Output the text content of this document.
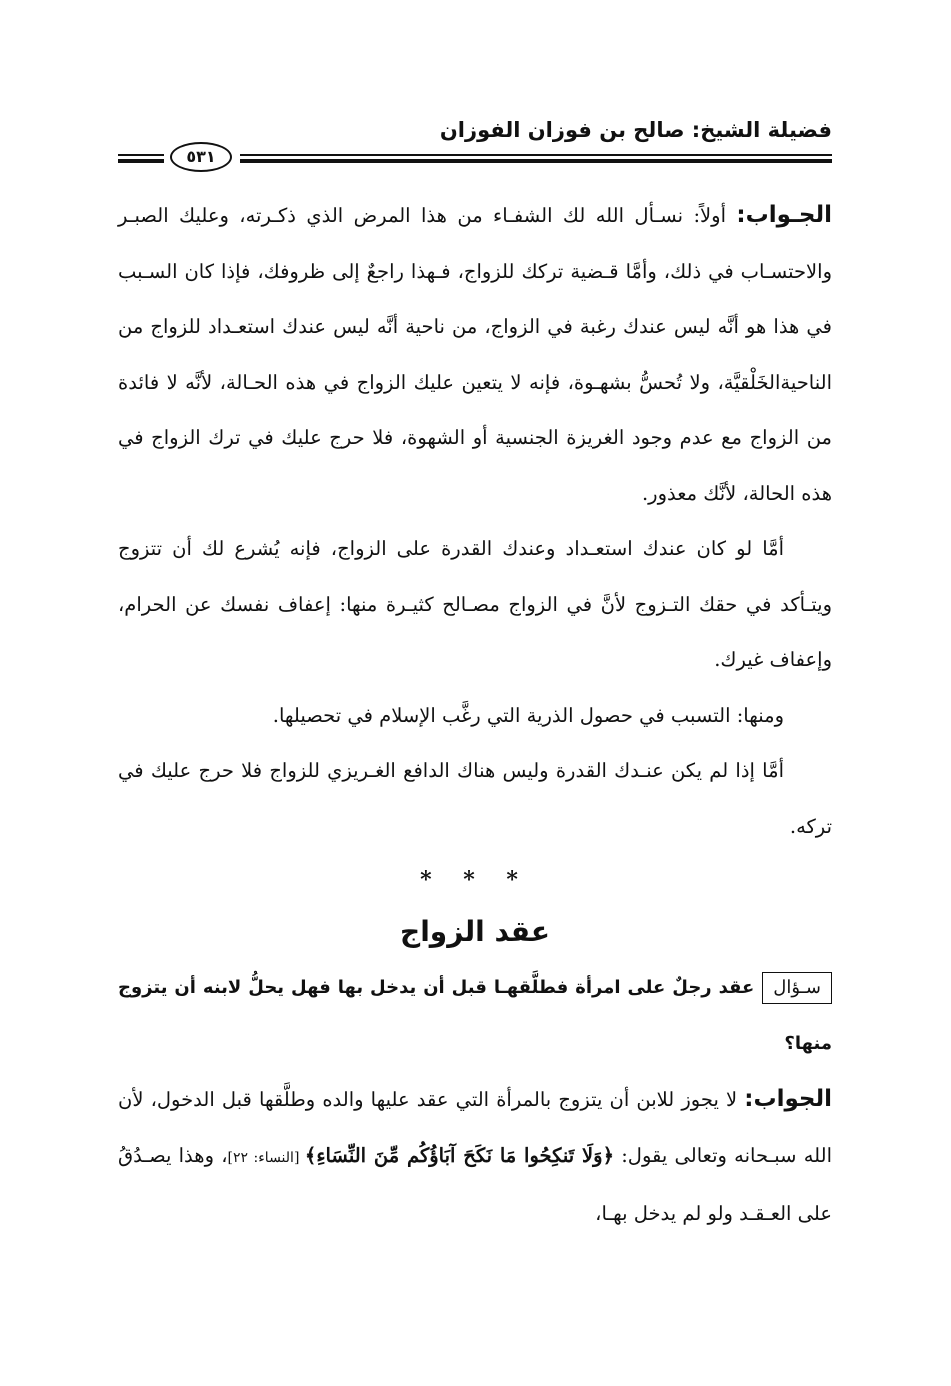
فضيلة الشيخ: صالح بن فوزان الفوزان
٥٣١

الجـواب: أولاً: نسـأل الله لك الشفـاء من هذا المرض الذي ذكـرته، وعليك الصبـر والاحتسـاب في ذلك، وأمَّا قـضية تركك للزواج، فـهذا راجعٌ إلى ظروفك، فإذا كان السـبب في هذا هو أنَّه ليس عندك رغبة في الزواج، من ناحية أنَّه ليس عندك استعـداد للزواج من الناحيةالخَلْقيَّة، ولا تُحسُّ بشهـوة، فإنه لا يتعين عليك الزواج في هذه الحـالة، لأنَّه لا فائدة من الزواج مع عدم وجود الغريزة الجنسية أو الشهوة، فلا حرج عليك في ترك الزواج في هذه الحالة، لأنَّك معذور.

أمَّا لو كان عندك استعـداد وعندك القدرة على الزواج، فإنه يُشرع لك أن تتزوج ويتـأكد في حقك التـزوج لأنَّ في الزواج مصـالح كثيـرة منها: إعفاف نفسك عن الحرام، وإعفاف غيرك.

ومنها: التسبب في حصول الذرية التي رغَّب الإسلام في تحصيلها.

أمَّا إذا لم يكن عنـدك القدرة وليس هناك الدافع الغـريزي للزواج فلا حرج عليك في تركه.

* * *
عقد الزواج

سـؤالعقد رجلٌ على امرأة فطلَّقهـا قبل أن يدخل بها فهل يحلُّ لابنه أن يتزوج منها؟

الجواب: لا يجوز للابن أن يتزوج بالمرأة التي عقد عليها والده وطلَّقها قبل الدخول، لأن الله سبـحانه وتعالى يقول: ﴿وَلَا تَنكِحُوا مَا نَكَحَ آبَاؤُكُم مِّنَ النِّسَاءِ﴾ [النساء: ٢٢]، وهذا يصـدُقُ على العـقـد ولو لم يدخل بهـا،
